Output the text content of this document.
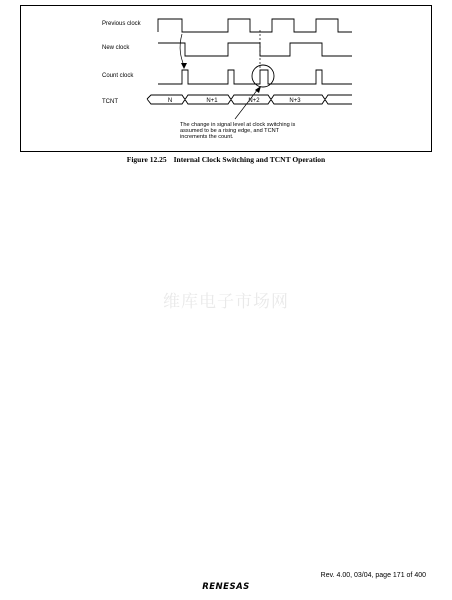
N	N+1	N+2	N+3
Previous clock
New clock
Count clock
TCNT
The change in signal level at clock switching is
assumed to be a rising edge, and TCNT
increments the count.
Figure 12.25 Internal Clock Switching and TCNT Operation
维库电子市场网
Rev. 4.00, 03/04, page 171 of 400
RENESAS
